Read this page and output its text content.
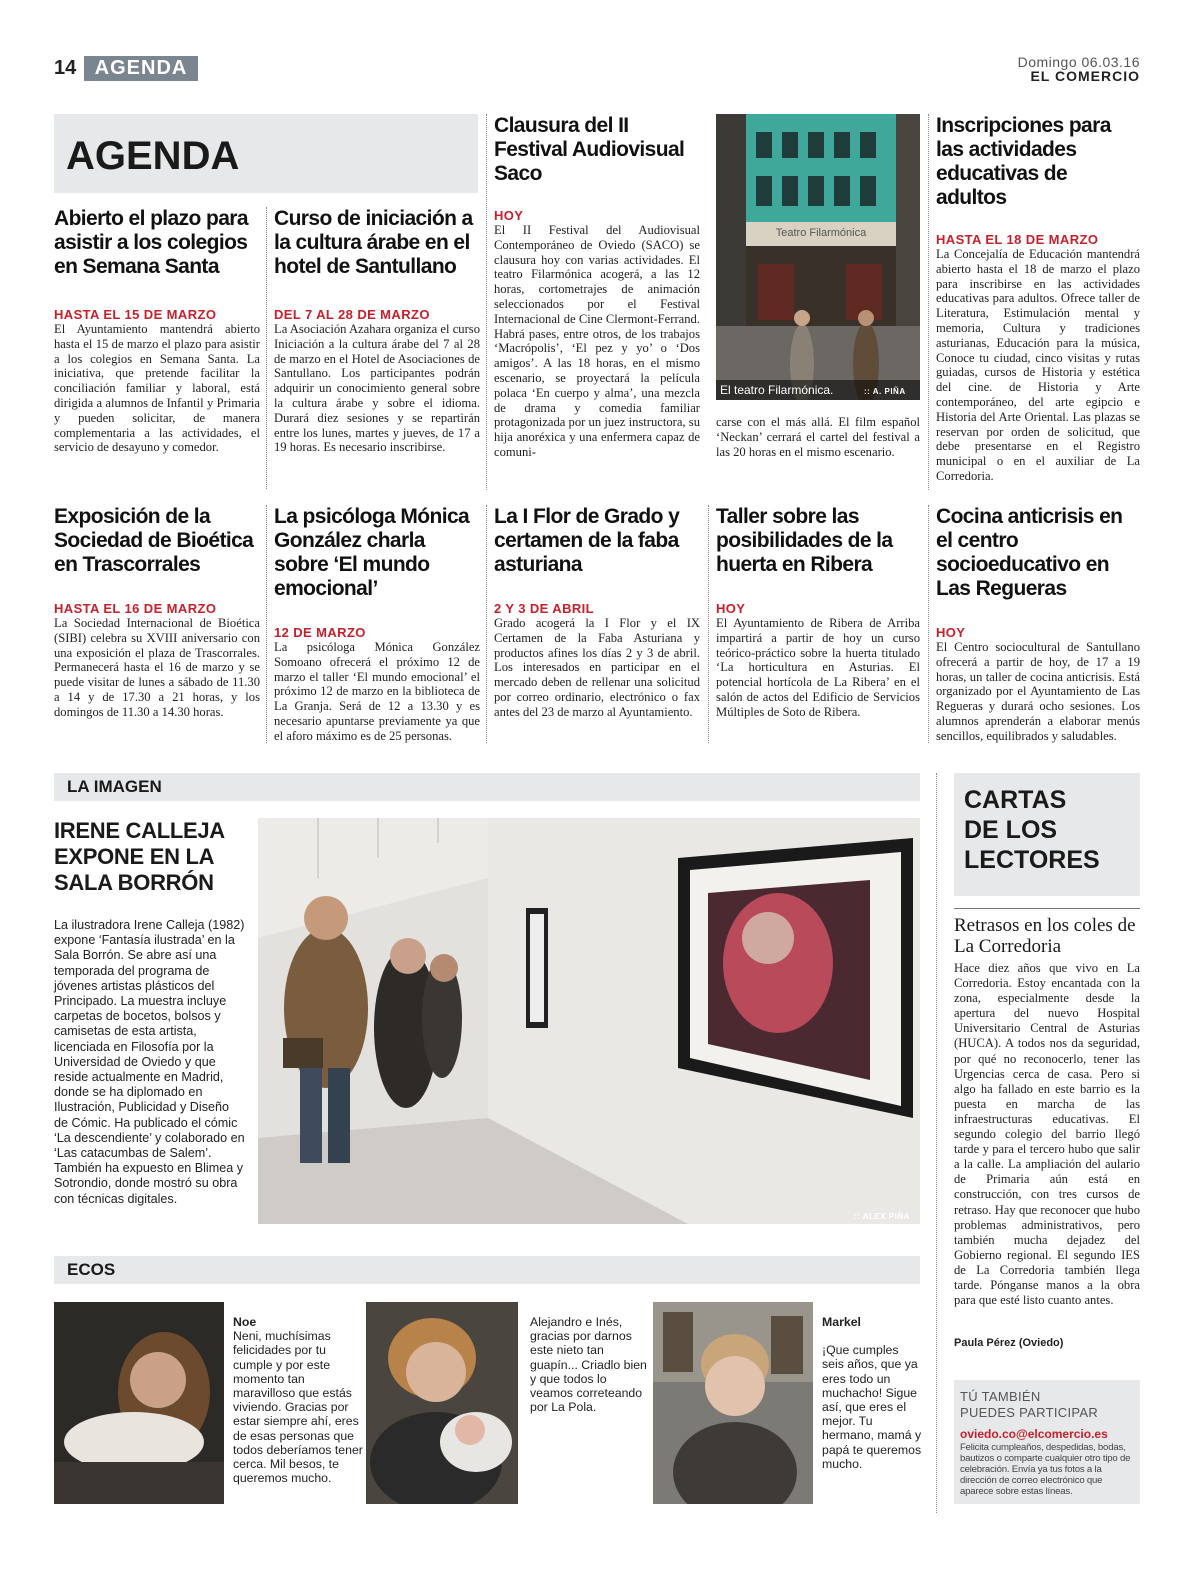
14 AGENDA	Domingo 06.03.16
EL COMERCIO
AGENDA
Abierto el plazo para asistir a los colegios en Semana Santa
HASTA EL 15 DE MARZO
El Ayuntamiento mantendrá abierto hasta el 15 de marzo el plazo para asistir a los colegios en Semana Santa. La iniciativa, que pretende facilitar la conciliación familiar y laboral, está dirigida a alumnos de Infantil y Primaria y pueden solicitar, de manera complementaria a las actividades, el servicio de desayuno y comedor.
Curso de iniciación a la cultura árabe en el hotel de Santullano
DEL 7 AL 28 DE MARZO
La Asociación Azahara organiza el curso Iniciación a la cultura árabe del 7 al 28 de marzo en el Hotel de Asociaciones de Santullano. Los participantes podrán adquirir un conocimiento general sobre la cultura árabe y sobre el idioma. Durará diez sesiones y se repartirán entre los lunes, martes y jueves, de 17 a 19 horas. Es necesario inscribirse.
Clausura del II Festival Audiovisual Saco
HOY
El II Festival del Audiovisual Contemporáneo de Oviedo (SACO) se clausura hoy con varias actividades. El teatro Filarmónica acogerá, a las 12 horas, cortometrajes de animación seleccionados por el Festival Internacional de Cine Clermont-Ferrand. Habrá pases, entre otros, de los trabajos ‘Macrópolis’, ‘El pez y yo’ o ‘Dos amigos’. A las 18 horas, en el mismo escenario, se proyectará la película polaca ‘En cuerpo y alma’, una mezcla de drama y comedia familiar protagonizada por un juez instructora, su hija anoréxica y una enfermera capaz de comuni-
Teatro Filarmónica
El teatro Filarmónica.	:: A. PIÑA
carse con el más allá. El film español ‘Neckan’ cerrará el cartel del festival a las 20 horas en el mismo escenario.
Inscripciones para las actividades educativas de adultos
HASTA EL 18 DE MARZO
La Concejalía de Educación mantendrá abierto hasta el 18 de marzo el plazo para inscribirse en las actividades educativas para adultos. Ofrece taller de Literatura, Estimulación mental y memoria, Cultura y tradiciones asturianas, Educación para la música, Conoce tu ciudad, cinco visitas y rutas guiadas, cursos de Historia y estética del cine. de Historia y Arte contemporáneo, del arte egipcio e Historia del Arte Oriental. Las plazas se reservan por orden de solicitud, que debe presentarse en el Registro municipal o en el auxiliar de La Corredoria.
Exposición de la Sociedad de Bioética en Trascorrales
HASTA EL 16 DE MARZO
La Sociedad Internacional de Bioética (SIBI) celebra su XVIII aniversario con una exposición el plaza de Trascorrales. Permanecerá hasta el 16 de marzo y se puede visitar de lunes a sábado de 11.30 a 14 y de 17.30 a 21 horas, y los domingos de 11.30 a 14.30 horas.
La psicóloga Mónica González charla sobre ‘El mundo emocional’
12 DE MARZO
La psicóloga Mónica González Somoano ofrecerá el próximo 12 de marzo el taller ‘El mundo emocional’ el próximo 12 de marzo en la biblioteca de La Granja. Será de 12 a 13.30 y es necesario apuntarse previamente ya que el aforo máximo es de 25 personas.
La I Flor de Grado y certamen de la faba asturiana
2 Y 3 DE ABRIL
Grado acogerá la I Flor y el IX Certamen de la Faba Asturiana y productos afines los días 2 y 3 de abril. Los interesados en participar en el mercado deben de rellenar una solicitud por correo ordinario, electrónico o fax antes del 23 de marzo al Ayuntamiento.
Taller sobre las posibilidades de la huerta en Ribera
HOY
El Ayuntamiento de Ribera de Arriba impartirá a partir de hoy un curso teórico-práctico sobre la huerta titulado ‘La horticultura en Asturias. El potencial hortícola de La Ribera’ en el salón de actos del Edificio de Servicios Múltiples de Soto de Ribera.
Cocina anticrisis en el centro socioeducativo en Las Regueras
HOY
El Centro sociocultural de Santullano ofrecerá a partir de hoy, de 17 a 19 horas, un taller de cocina anticrisis. Está organizado por el Ayuntamiento de Las Regueras y durará ocho sesiones. Los alumnos aprenderán a elaborar menús sencillos, equilibrados y saludables.
LA IMAGEN
IRENE CALLEJA EXPONE EN LA SALA BORRÓN
La ilustradora Irene Calleja (1982) expone ‘Fantasía ilustrada’ en la Sala Borrón. Se abre así una temporada del programa de jóvenes artistas plásticos del Principado. La muestra incluye carpetas de bocetos, bolsos y camisetas de esta artista, licenciada en Filosofía por la Universidad de Oviedo y que reside actualmente en Madrid, donde se ha diplomado en Ilustración, Publicidad y Diseño de Cómic. Ha publicado el cómic ‘La descendiente’ y colaborado en ‘Las catacumbas de Salem’. También ha expuesto en Blimea y Sotrondio, donde mostró su obra con técnicas digitales.
:: ALEX PIÑA
ECOS
Noe
Neni, muchísimas felicidades por tu cumple y por este momento tan maravilloso que estás viviendo. Gracias por estar siempre ahí, eres de esas personas que todos deberíamos tener cerca. Mil besos, te queremos mucho.
Alejandro e Inés, gracias por darnos este nieto tan guapín... Criadlo bien y que todos lo veamos correteando por La Pola.
Markel
¡Que cumples seis años, que ya eres todo un muchacho! Sigue así, que eres el mejor. Tu hermano, mamá y papá te queremos mucho.
CARTAS
DE LOS
LECTORES
Retrasos en los coles de La Corredoria
Hace diez años que vivo en La Corredoria. Estoy encantada con la zona, especialmente desde la apertura del nuevo Hospital Universitario Central de Asturias (HUCA). A todos nos da seguridad, por qué no reconocerlo, tener las Urgencias cerca de casa. Pero si algo ha fallado en este barrio es la puesta en marcha de las infraestructuras educativas. El segundo colegio del barrio llegó tarde y para el tercero hubo que salir a la calle. La ampliación del aulario de Primaria aún está en construcción, con tres cursos de retraso. Hay que reconocer que hubo problemas administrativos, pero también mucha dejadez del Gobierno regional. El segundo IES de La Corredoria también llega tarde. Pónganse manos a la obra para que esté listo cuanto antes.
Paula Pérez (Oviedo)
TÚ TAMBIÉN
PUEDES PARTICIPAR
oviedo.co@elcomercio.es
Felicita cumpleaños, despedidas, bodas, bautizos o comparte cualquier otro tipo de celebración. Envía ya tus fotos a la dirección de correo electrónico que aparece sobre estas líneas.
